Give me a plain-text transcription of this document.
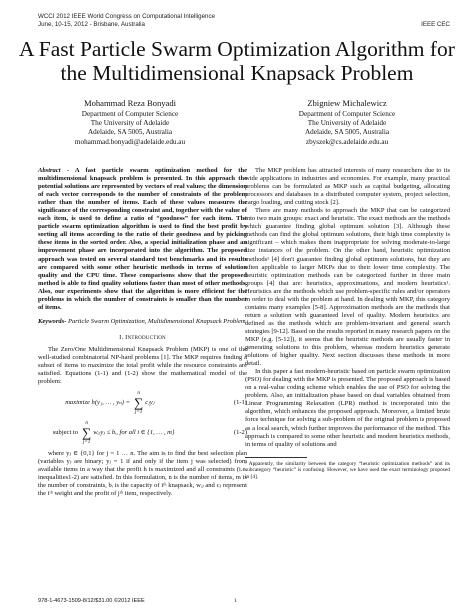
WCCI 2012 IEEE World Congress on Computational Intelligence
June, 10-15, 2012 - Brisbane, Australia	IEEE CEC
A Fast Particle Swarm Optimization Algorithm for
the Multidimensional Knapsack Problem
Mohammad Reza Bonyadi
Department of Computer Science
The University of Adelaide
Adelaide, SA 5005, Australia
mohammad.bonyadi@adelaide.edu.au
Zbigniew Michalewicz
Department of Computer Science
The University of Adelaide
Adelaide, SA 5005, Australia
zbyszek@cs.adelaide.edu.au

Abstract - A fast particle swarm optimization method for the multidimensional knapsack problem is presented. In this approach the potential solutions are represented by vectors of real values; the dimension of each vector corresponds to the number of constraints of the problem rather than the number of items. Each of these values measures the significance of the corresponding constraint and, together with the value of each item, is used to define a ratio of “goodness” for each item. The particle swarm optimization algorithm is used to find the best profit by sorting all items according to the ratio of their goodness and by picking these items in the sorted order. Also, a special initialization phase and an improvement phase are incorporated into the algorithm. The proposed approach was tested on several standard test benchmarks and its results are compared with some other heuristic methods in terms of solution quality and the CPU time. These comparisons show that the proposed method is able to find quality solutions faster than most of other methods. Also, our experiments show that the algorithm is more efficient for the problems in which the number of constraints is smaller than the number of items.

Keywords- Particle Swarm Optimization, Multidimensional Knapsack Problem

I. Introduction

The Zero/One Multidimensional Knapsack Problem (MKP) is one of the well-studied combinatorial NP-hard problems [1]. The MKP requires finding a subset of items to maximize the total profit while the resource constraints are satisfied. Equations (1-1) and (1-2) show the mathematical model of the problem:

maximize h(y₁, … , yₙ) =
n
∑
j=1
cⱼyⱼ	(1-1)
subject to
n
∑
j=1
wᵢⱼyⱼ ≤ bᵢ, for all i ∈ {1, … , m}	(1-2)

where yⱼ ∈ {0,1} for j = 1 … n. The aim is to find the best selection plan (variables yⱼ are binary; yⱼ = 1 if and only if the item j was selected) from available items in a way that the profit h is maximized and all constraints (i.e. inequalities1-2) are satisfied. In this formulation, n is the number of items, m is the number of constraints, bᵢ is the capacity of iᵗʰ knapsack, wᵢⱼ and cⱼ represent the iᵗʰ weight and the profit of jᵗʰ item, respectively.

The MKP problem has attracted interests of many researchers due to its wide applications in industries and economies. For example, many practical problems can be formulated as MKP such as capital budgeting, allocating processors and databases in a distributed computer system, project selection, cargo loading, and cutting stock [2].

There are many methods to approach the MKP that can be categorized into two main groups: exact and heuristic. The exact methods are the methods which guarantee finding global optimum solution [3]. Although these methods can find the global optimum solutions, their high time complexity is significant – which makes them inappropriate for solving moderate-to-large size instances of the problem. On the other hand, heuristic optimization methods¹ [4] don't guarantee finding global optimum solutions, but they are often applicable to larger MKPs due to their lower time complexity. The heuristic optimization methods can be categorized further in three main groups [4] that are: heuristics, approximations, and modern heuristics¹. Heuristics are the methods which use problem-specific rules and/or operators in order to deal with the problem at hand. In dealing with MKP, this category contains many examples [5-8]. Approximation methods are the methods that return a solution with guaranteed level of quality. Modern heuristics are defined as the methods which are problem-invariant and general search strategies [9-12]. Based on the results reported in many research papers on the MKP (e.g. [5-12]), it seems that the heuristic methods are usually faster in generating solutions to this problem, whereas modern heuristics generate solutions of higher quality. Next section discusses these methods in more detail.

In this paper a fast modern-heuristic based on particle swarm optimization (PSO) for dealing with the MKP is presented. The proposed approach is based on a real-value coding scheme which enables the use of PSO for solving the problem. Also, an initialization phase based on dual variables obtained from Linear Programming Relaxation (LPR) method is incorporated into the algorithm, which enhances the proposed approach. Moreover, a limited brute force technique for solving a sub-problem of the original problem is proposed as a local search, which further improves the performance of the method. This approach is compared to some other heuristic and modern heuristics methods, in terms of quality of solutions and

¹ Apparently, the similarity between the category “heuristic optimization methods” and its subcategory “heuristic” is confusing. However, we have used the exact terminology proposed in [4].

978-1-4673-1509-8/12/$31.00 ©2012 IEEE	1
